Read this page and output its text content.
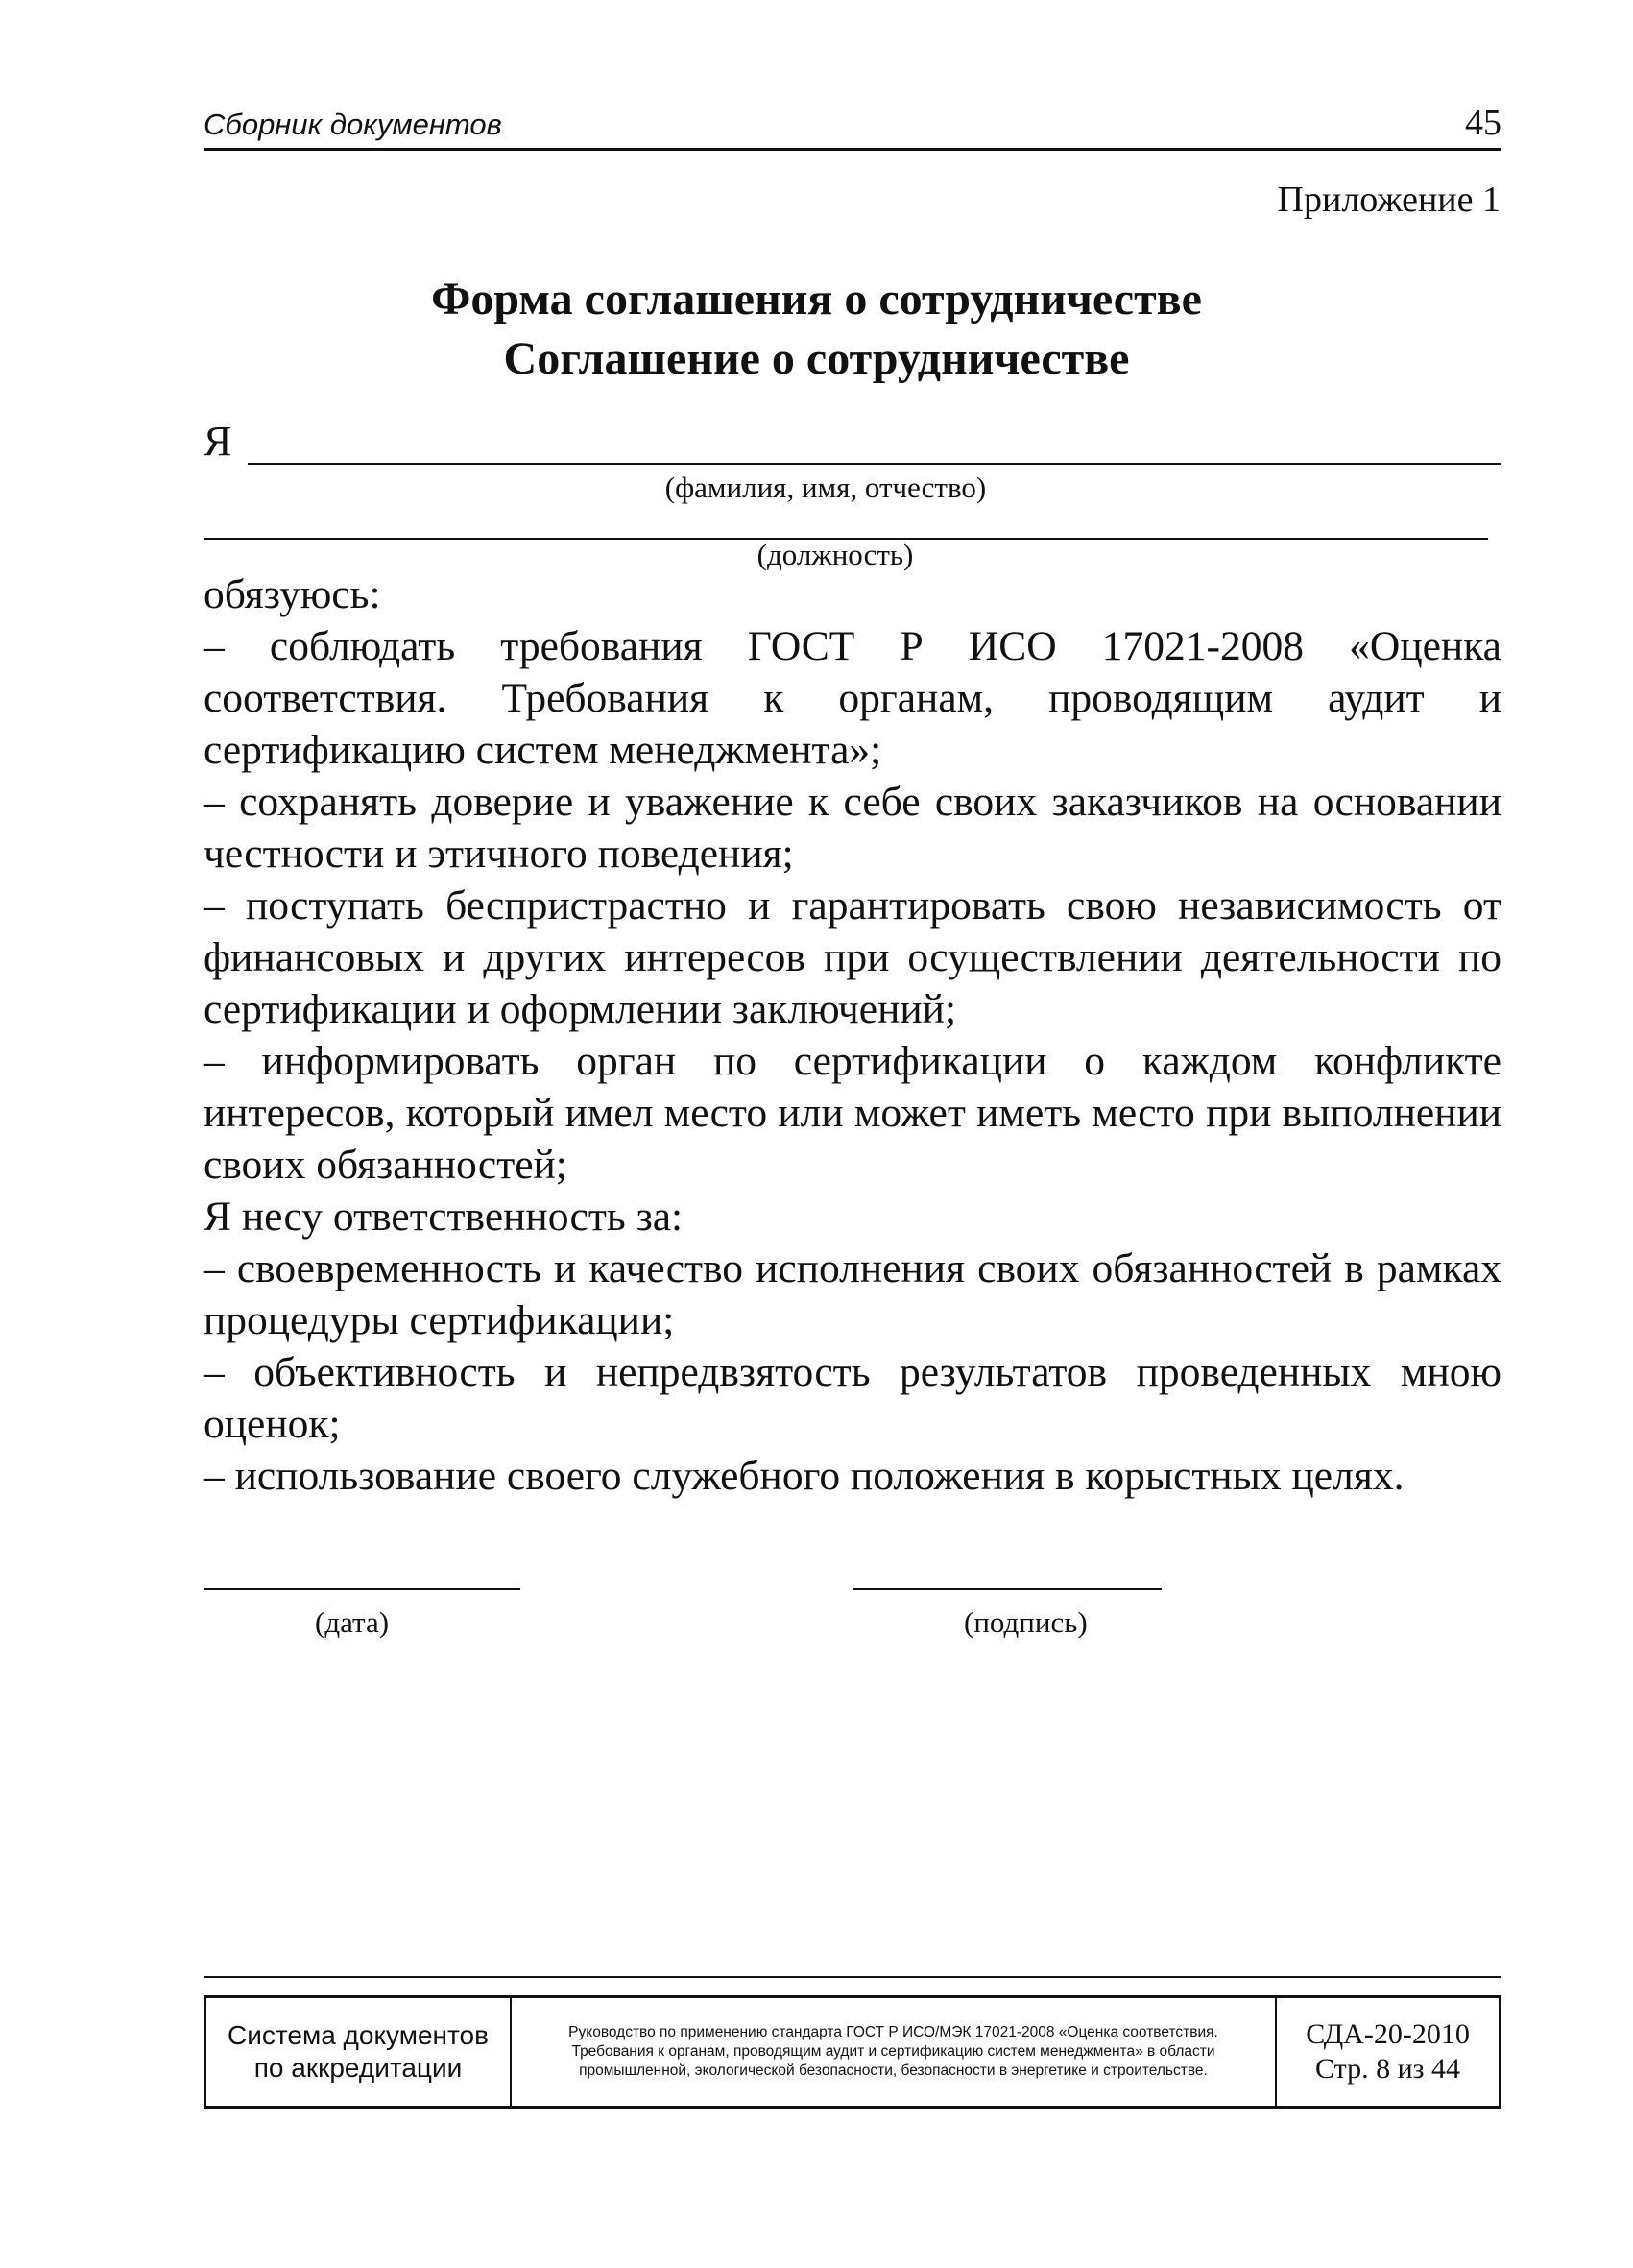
Сборник документов	45
Приложение 1
Форма соглашения о сотрудничестве
Соглашение о сотрудничестве
Я
(фамилия, имя, отчество)
(должность)

обязуюсь:

– соблюдать требования ГОСТ Р ИСО 17021-2008 «Оценка соответствия. Требования к органам, проводящим аудит и сертификацию систем менеджмента»;

– сохранять доверие и уважение к себе своих заказчиков на основании честности и этичного поведения;

– поступать беспристрастно и гарантировать свою независимость от финансовых и других интересов при осуществлении деятельности по сертификации и оформлении заключений;

– информировать орган по сертификации о каждом конфликте интересов, который имел место или может иметь место при выполнении своих обязанностей;

Я несу ответственность за:

– своевременность и качество исполнения своих обязанностей в рамках процедуры сертификации;

– объективность и непредвзятость результатов проведенных мною оценок;

– использование своего служебного положения в корыстных целях.

(дата)	(подпись)
Система документов
по аккредитации
Руководство по применению стандарта ГОСТ Р ИСО/МЭК 17021-2008 «Оценка соответствия. Требования к органам, проводящим аудит и сертификацию систем менеджмента» в области промышленной, экологической безопасности, безопасности в энергетике и строительстве.
СДА-20-2010
Стр. 8 из 44
